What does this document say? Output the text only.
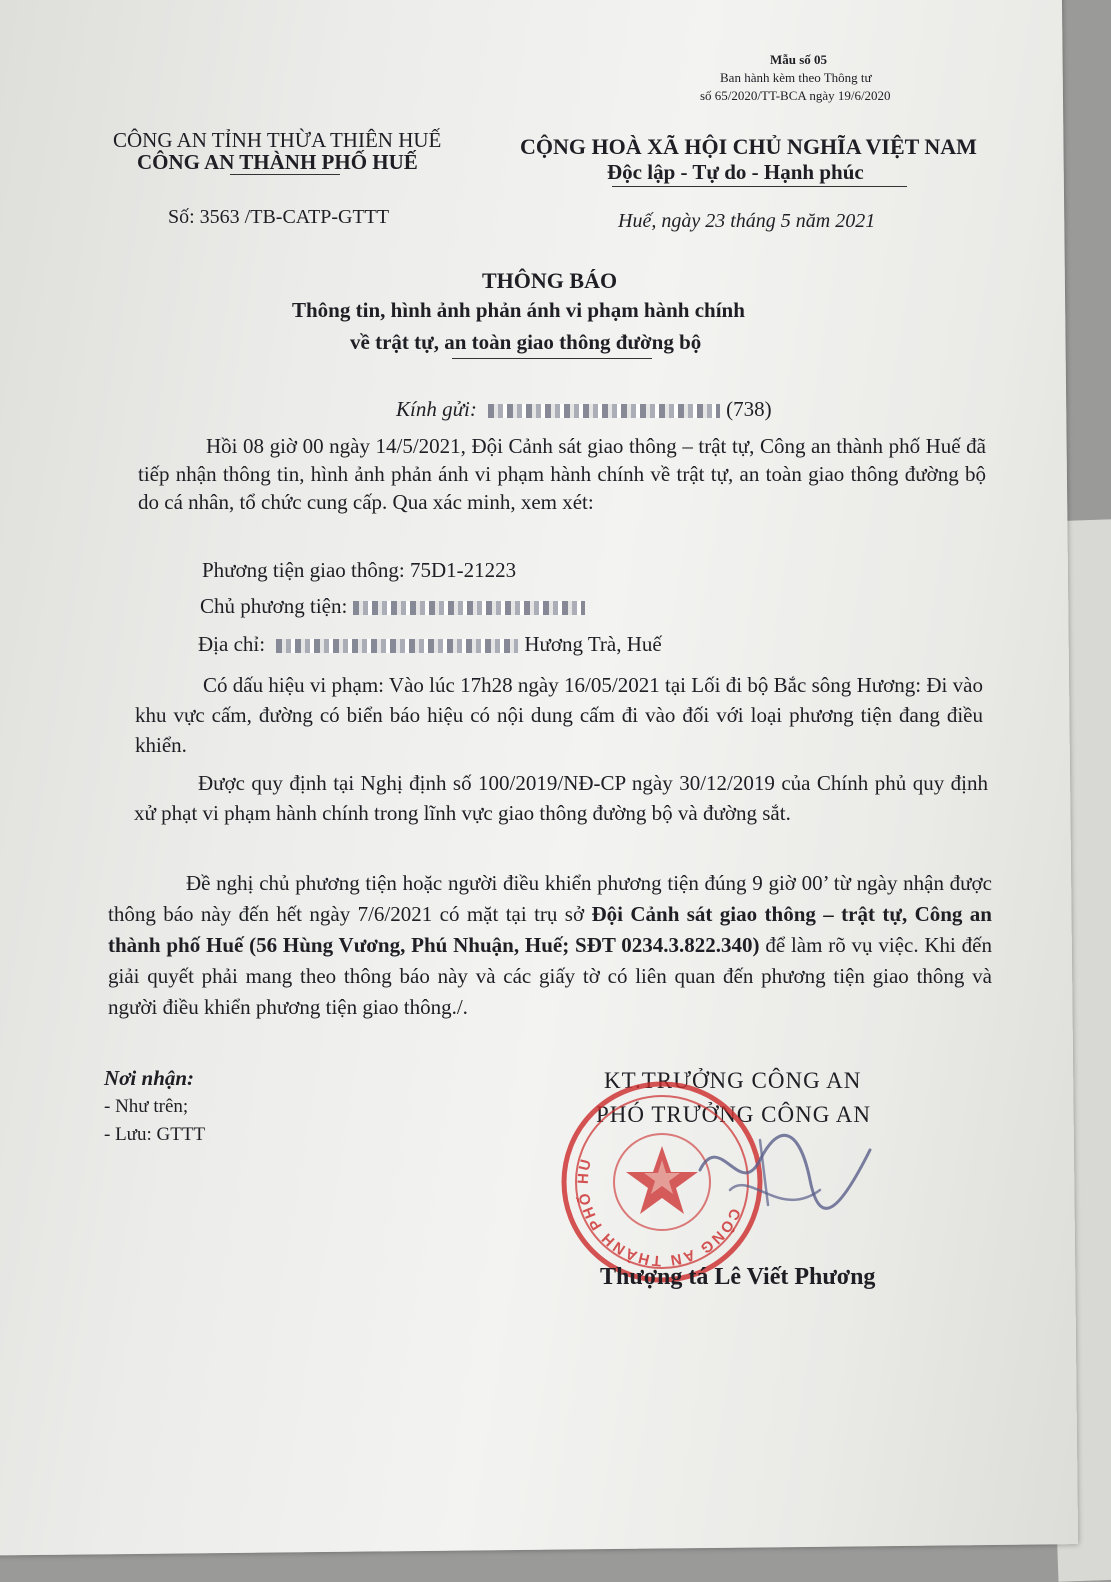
Mẫu số 05
Ban hành kèm theo Thông tư
số 65/2020/TT-BCA ngày 19/6/2020
CÔNG AN TỈNH THỪA THIÊN HUẾ
CÔNG AN THÀNH PHỐ HUẾ
CỘNG HOÀ XÃ HỘI CHỦ NGHĨA VIỆT NAM
Độc lập - Tự do - Hạnh phúc
Số: 3563 /TB-CATP-GTTT	Huế, ngày 23 tháng 5 năm 2021
THÔNG BÁO
Thông tin, hình ảnh phản ánh vi phạm hành chính
về trật tự, an toàn giao thông đường bộ
Kính gửi:	(738)
Hồi 08 giờ 00 ngày 14/5/2021, Đội Cảnh sát giao thông – trật tự, Công an thành phố Huế đã tiếp nhận thông tin, hình ảnh phản ánh vi phạm hành chính về trật tự, an toàn giao thông đường bộ do cá nhân, tổ chức cung cấp. Qua xác minh, xem xét:
Phương tiện giao thông: 75D1-21223
Chủ phương tiện:
Địa chỉ:	Hương Trà, Huế
Có dấu hiệu vi phạm: Vào lúc 17h28 ngày 16/05/2021 tại Lối đi bộ Bắc sông Hương: Đi vào khu vực cấm, đường có biển báo hiệu có nội dung cấm đi vào đối với loại phương tiện đang điều khiển.
Được quy định tại Nghị định số 100/2019/NĐ-CP ngày 30/12/2019 của Chính phủ quy định xử phạt vi phạm hành chính trong lĩnh vực giao thông đường bộ và đường sắt.
Đề nghị chủ phương tiện hoặc người điều khiển phương tiện đúng 9 giờ 00’ từ ngày nhận được thông báo này đến hết ngày 7/6/2021 có mặt tại trụ sở Đội Cảnh sát giao thông – trật tự, Công an thành phố Huế (56 Hùng Vương, Phú Nhuận, Huế; SĐT 0234.3.822.340) để làm rõ vụ việc. Khi đến giải quyết phải mang theo thông báo này và các giấy tờ có liên quan đến phương tiện giao thông và người điều khiển phương tiện giao thông./.
Nơi nhận:
- Như trên;
- Lưu: GTTT
KT.TRƯỞNG CÔNG AN
PHÓ TRƯỞNG CÔNG AN
CÔNG AN THÀNH PHỐ HUẾ
Thượng tá Lê Viết Phương
